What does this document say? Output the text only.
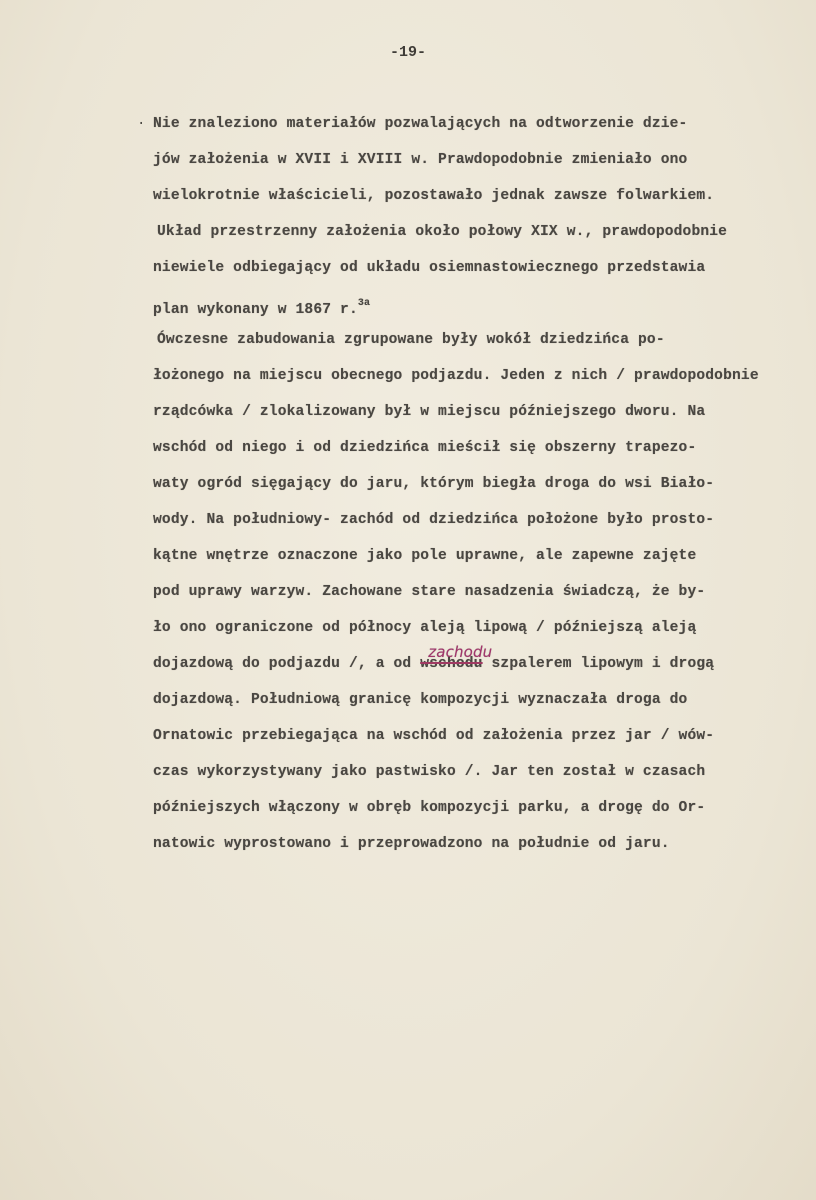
-19-
. Nie znaleziono materiałów pozwalających na odtworzenie dzie-
jów założenia w XVII i XVIII w. Prawdopodobnie zmieniało ono
wielokrotnie właścicieli, pozostawało jednak zawsze folwarkiem.
Układ przestrzenny założenia około połowy XIX w., prawdopodobnie
niewiele odbiegający od układu osiemnastowiecznego przedstawia
plan wykonany w 1867 r.$^{3a}$
Ówczesne zabudowania zgrupowane były wokół dziedzińca po-
łożonego na miejscu obecnego podjazdu. Jeden z nich / prawdopodobnie
rządcówka / zlokalizowany był w miejscu późniejszego dworu. Na
wschód od niego i od dziedzińca mieścił się obszerny trapezo-
waty ogród sięgający do jaru, którym biegła droga do wsi Biało-
wody. Na południowy- zachód od dziedzińca położone było prosto-
kątne wnętrze oznaczone jako pole uprawne, ale zapewne zajęte
pod uprawy warzyw. Zachowane stare nasadzenia świadczą, że by-
ło ono ograniczone od północy aleją lipową / późniejszą aleją
dojazdową do podjazdu /, a od wschodu
zachodu
szpalerem lipowym i drogą
dojazdową. Południową granicę kompozycji wyznaczała droga do
Ornatowic przebiegająca na wschód od założenia przez jar / wów-
czas wykorzystywany jako pastwisko /. Jar ten został w czasach
późniejszych włączony w obręb kompozycji parku, a drogę do Or-
natowic wyprostowano i przeprowadzono na południe od jaru.
